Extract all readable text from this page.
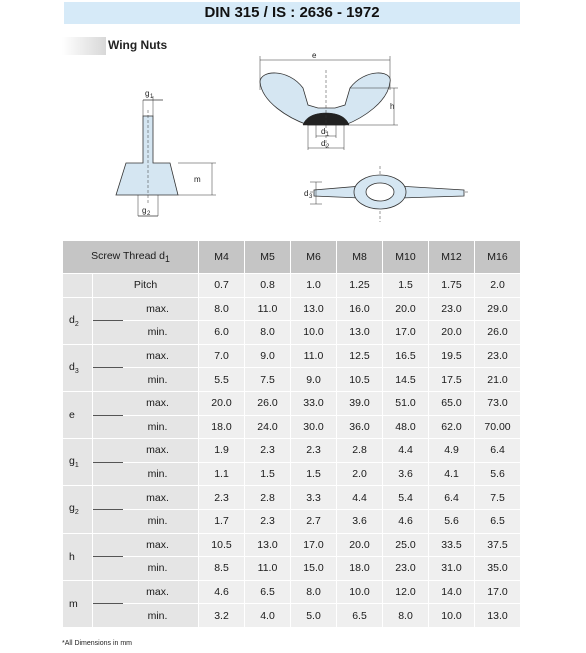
DIN 315 / IS : 2636 - 1972
Wing Nuts
g 1
m
g 2
e
h
d 1
d 2
d 3
Screw Thread $d_1$		M4	M5	M6	M8	M10	M12	M16
	Pitch	0.7	0.8	1.0	1.25	1.5	1.75	2.0

$d_2$	max.	8.0	11.0	13.0	16.0	20.0	23.0	29.0
	min.	6.0	8.0	10.0	13.0	17.0	20.0	26.0

$d_3$	max.	7.0	9.0	11.0	12.5	16.5	19.5	23.0
	min.	5.5	7.5	9.0	10.5	14.5	17.5	21.0

e	max.	20.0	26.0	33.0	39.0	51.0	65.0	73.0
	min.	18.0	24.0	30.0	36.0	48.0	62.0	70.00

$g_1$	max.	1.9	2.3	2.3	2.8	4.4	4.9	6.4
	min.	1.1	1.5	1.5	2.0	3.6	4.1	5.6

$g_2$	max.	2.3	2.8	3.3	4.4	5.4	6.4	7.5
	min.	1.7	2.3	2.7	3.6	4.6	5.6	6.5

h	max.	10.5	13.0	17.0	20.0	25.0	33.5	37.5
	min.	8.5	11.0	15.0	18.0	23.0	31.0	35.0

m	max.	4.6	6.5	8.0	10.0	12.0	14.0	17.0
	min.	3.2	4.0	5.0	6.5	8.0	10.0	13.0
*All Dimensions in mm
